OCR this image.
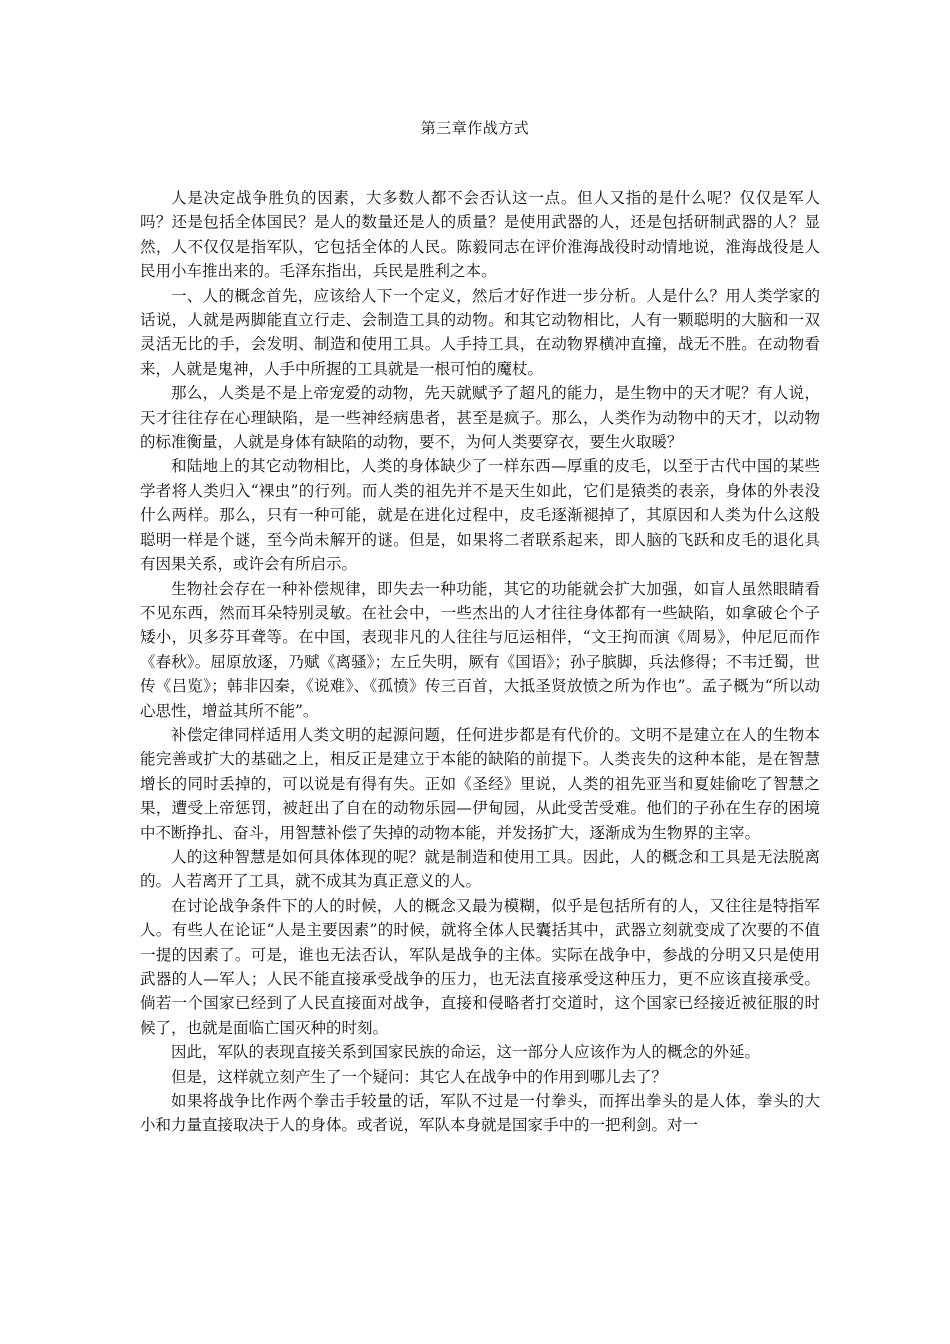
第三章作战方式

人是决定战争胜负的因素，大多数人都不会否认这一点。但人又指的是什么呢？仅仅是军人吗？还是包括全体国民？是人的数量还是人的质量？是使用武器的人，还是包括研制武器的人？显然，人不仅仅是指军队，它包括全体的人民。陈毅同志在评价淮海战役时动情地说，淮海战役是人民用小车推出来的。毛泽东指出，兵民是胜利之本。

一、人的概念首先，应该给人下一个定义，然后才好作进一步分析。人是什么？用人类学家的话说，人就是两脚能直立行走、会制造工具的动物。和其它动物相比，人有一颗聪明的大脑和一双灵活无比的手，会发明、制造和使用工具。人手持工具，在动物界横冲直撞，战无不胜。在动物看来，人就是鬼神，人手中所握的工具就是一根可怕的魔杖。

那么，人类是不是上帝宠爱的动物，先天就赋予了超凡的能力，是生物中的天才呢？有人说，天才往往存在心理缺陷，是一些神经病患者，甚至是疯子。那么，人类作为动物中的天才，以动物的标准衡量，人就是身体有缺陷的动物，要不，为何人类要穿衣，要生火取暖？

和陆地上的其它动物相比，人类的身体缺少了一样东西—厚重的皮毛，以至于古代中国的某些学者将人类归入“裸虫”的行列。而人类的祖先并不是天生如此，它们是猿类的表亲，身体的外表没什么两样。那么，只有一种可能，就是在进化过程中，皮毛逐渐褪掉了，其原因和人类为什么这般聪明一样是个谜，至今尚未解开的谜。但是，如果将二者联系起来，即人脑的飞跃和皮毛的退化具有因果关系，或许会有所启示。

生物社会存在一种补偿规律，即失去一种功能，其它的功能就会扩大加强，如盲人虽然眼睛看不见东西，然而耳朵特别灵敏。在社会中，一些杰出的人才往往身体都有一些缺陷，如拿破仑个子矮小，贝多芬耳聋等。在中国，表现非凡的人往往与厄运相伴，“文王拘而演《周易》，仲尼厄而作《春秋》。屈原放逐，乃赋《离骚》；左丘失明，厥有《国语》；孙子膑脚，兵法修得；不韦迁蜀，世传《吕览》；韩非囚秦，《说难》、《孤愤》传三百首，大抵圣贤放愤之所为作也”。孟子概为“所以动心思性，增益其所不能”。

补偿定律同样适用人类文明的起源问题，任何进步都是有代价的。文明不是建立在人的生物本能完善或扩大的基础之上，相反正是建立于本能的缺陷的前提下。人类丧失的这种本能，是在智慧增长的同时丢掉的，可以说是有得有失。正如《圣经》里说，人类的祖先亚当和夏娃偷吃了智慧之果，遭受上帝惩罚，被赶出了自在的动物乐园—伊甸园，从此受苦受难。他们的子孙在生存的困境中不断挣扎、奋斗，用智慧补偿了失掉的动物本能，并发扬扩大，逐渐成为生物界的主宰。

人的这种智慧是如何具体体现的呢？就是制造和使用工具。因此，人的概念和工具是无法脱离的。人若离开了工具，就不成其为真正意义的人。

在讨论战争条件下的人的时候，人的概念又最为模糊，似乎是包括所有的人，又往往是特指军人。有些人在论证“人是主要因素”的时候，就将全体人民囊括其中，武器立刻就变成了次要的不值一提的因素了。可是，谁也无法否认，军队是战争的主体。实际在战争中，参战的分明又只是使用武器的人—军人；人民不能直接承受战争的压力，也无法直接承受这种压力，更不应该直接承受。倘若一个国家已经到了人民直接面对战争，直接和侵略者打交道时，这个国家已经接近被征服的时候了，也就是面临亡国灭种的时刻。

因此，军队的表现直接关系到国家民族的命运，这一部分人应该作为人的概念的外延。

但是，这样就立刻产生了一个疑问：其它人在战争中的作用到哪儿去了？

如果将战争比作两个拳击手较量的话，军队不过是一付拳头，而挥出拳头的是人体，拳头的大小和力量直接取决于人的身体。或者说，军队本身就是国家手中的一把利剑。对一
